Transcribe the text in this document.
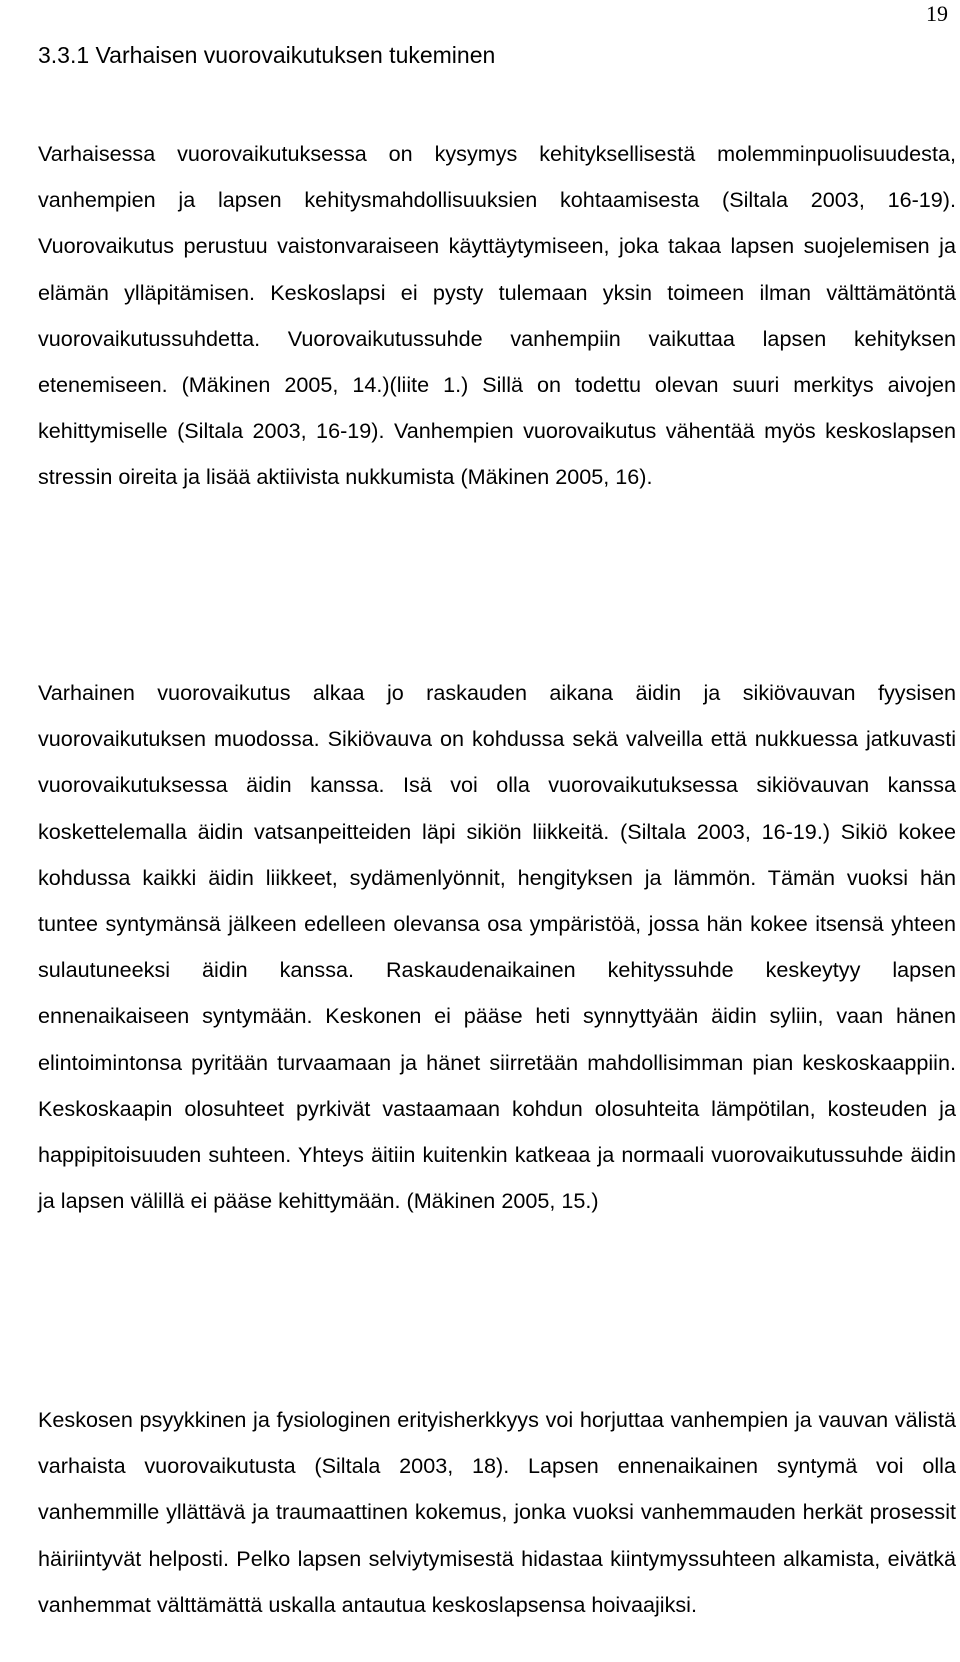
19
3.3.1 Varhaisen vuorovaikutuksen tukeminen

Varhaisessa vuorovaikutuksessa on kysymys kehityksellisestä molemminpuolisuudesta, vanhempien ja lapsen kehitysmahdollisuuksien kohtaamisesta (Siltala 2003, 16-19). Vuorovaikutus perustuu vaistonvaraiseen käyttäytymiseen, joka takaa lapsen suojelemisen ja elämän ylläpitämisen. Keskoslapsi ei pysty tulemaan yksin toimeen ilman välttämätöntä vuorovaikutussuhdetta. Vuorovaikutussuhde vanhempiin vaikuttaa lapsen kehityksen etenemiseen. (Mäkinen 2005, 14.)(liite 1.) Sillä on todettu olevan suuri merkitys aivojen kehittymiselle (Siltala 2003, 16-19). Vanhempien vuorovaikutus vähentää myös keskoslapsen stressin oireita ja lisää aktiivista nukkumista (Mäkinen 2005, 16).

Varhainen vuorovaikutus alkaa jo raskauden aikana äidin ja sikiövauvan fyysisen vuorovaikutuksen muodossa. Sikiövauva on kohdussa sekä valveilla että nukkuessa jatkuvasti vuorovaikutuksessa äidin kanssa. Isä voi olla vuorovaikutuksessa sikiövauvan kanssa koskettelemalla äidin vatsanpeitteiden läpi sikiön liikkeitä. (Siltala 2003, 16-19.) Sikiö kokee kohdussa kaikki äidin liikkeet, sydämenlyönnit, hengityksen ja lämmön. Tämän vuoksi hän tuntee syntymänsä jälkeen edelleen olevansa osa ympäristöä, jossa hän kokee itsensä yhteen sulautuneeksi äidin kanssa. Raskaudenaikainen kehityssuhde keskeytyy lapsen ennenaikaiseen syntymään. Keskonen ei pääse heti synnyttyään äidin syliin, vaan hänen elintoimintonsa pyritään turvaamaan ja hänet siirretään mahdollisimman pian keskoskaappiin. Keskoskaapin olosuhteet pyrkivät vastaamaan kohdun olosuhteita lämpötilan, kosteuden ja happipitoisuuden suhteen. Yhteys äitiin kuitenkin katkeaa ja normaali vuorovaikutussuhde äidin ja lapsen välillä ei pääse kehittymään. (Mäkinen 2005, 15.)

Keskosen psyykkinen ja fysiologinen erityisherkkyys voi horjuttaa vanhempien ja vauvan välistä varhaista vuorovaikutusta (Siltala 2003, 18). Lapsen ennenaikainen syntymä voi olla vanhemmille yllättävä ja traumaattinen kokemus, jonka vuoksi vanhemmauden herkät prosessit häiriintyvät helposti. Pelko lapsen selviytymisestä hidastaa kiintymyssuhteen alkamista, eivätkä vanhemmat välttämättä uskalla antautua keskoslapsensa hoivaajiksi.
